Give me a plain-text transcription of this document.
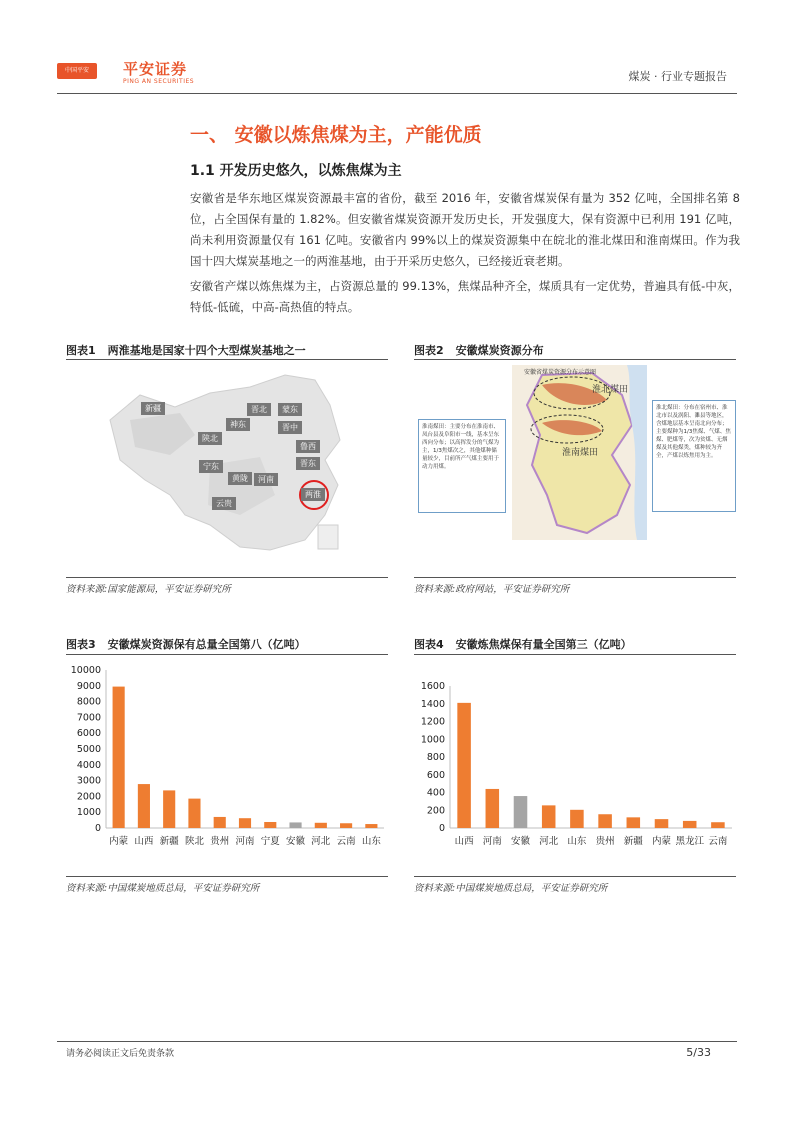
中国平安	平安证券
PING AN SECURITIES	煤炭 · 行业专题报告
一、 安徽以炼焦煤为主，产能优质
1.1 开发历史悠久，以炼焦煤为主
安徽省是华东地区煤炭资源最丰富的省份，截至 2016 年，安徽省煤炭保有量为 352 亿吨，全国排名第 8 位，占全国保有量的 1.82%。但安徽省煤炭资源开发历史长，开发强度大，保有资源中已利用 191 亿吨，尚未利用资源量仅有 161 亿吨。安徽省内 99%以上的煤炭资源集中在皖北的淮北煤田和淮南煤田。作为我国十四大煤炭基地之一的两淮基地，由于开采历史悠久，已经接近衰老期。
安徽省产煤以炼焦煤为主，占资源总量的 99.13%，焦煤品种齐全，煤质具有一定优势，普遍具有低-中灰，特低-低硫，中高-高热值的特点。
图表1 两淮基地是国家十四个大型煤炭基地之一
新疆	晋北	蒙东
神东	晋中
陕北
鲁西
宁东	晋东
黄陇	河南
云贵
两淮
资料来源:国家能源局，平安证券研究所
图表2 安徽煤炭资源分布
安徽省煤炭资源分布示意图
淮北煤田
淮南煤田
淮南煤田：主要分布在淮南市、凤台县及阜阳市一线，基本呈东西向分布；以高挥发分的气煤为主，1/3焦煤次之，其他煤种储量较少，目前所产气煤主要用于动力用煤。
淮北煤田：分布在宿州市、淮北市以及涡阳、濉县等地区，含煤地层基本呈南北向分布；主要煤种为1/3焦煤、气煤、焦煤、肥煤等，次为贫煤、无烟煤及其他煤类，煤种较为齐全，产煤以炼焦用为主。
资料来源:政府网站，平安证券研究所
图表3 安徽煤炭资源保有总量全国第八（亿吨）
0
1000
2000
3000
4000
5000
6000
7000
8000
9000
10000
内蒙 山西 新疆 陕北 贵州 河南 宁夏 安徽 河北 云南 山东
资料来源:中国煤炭地质总局，平安证券研究所
图表4 安徽炼焦煤保有量全国第三（亿吨）
0
200
400
600
800
1000
1200
1400
1600
山西 河南 安徽 河北 山东 贵州 新疆 内蒙 黑龙江 云南
资料来源:中国煤炭地质总局，平安证券研究所
请务必阅读正文后免责条款	5/33
